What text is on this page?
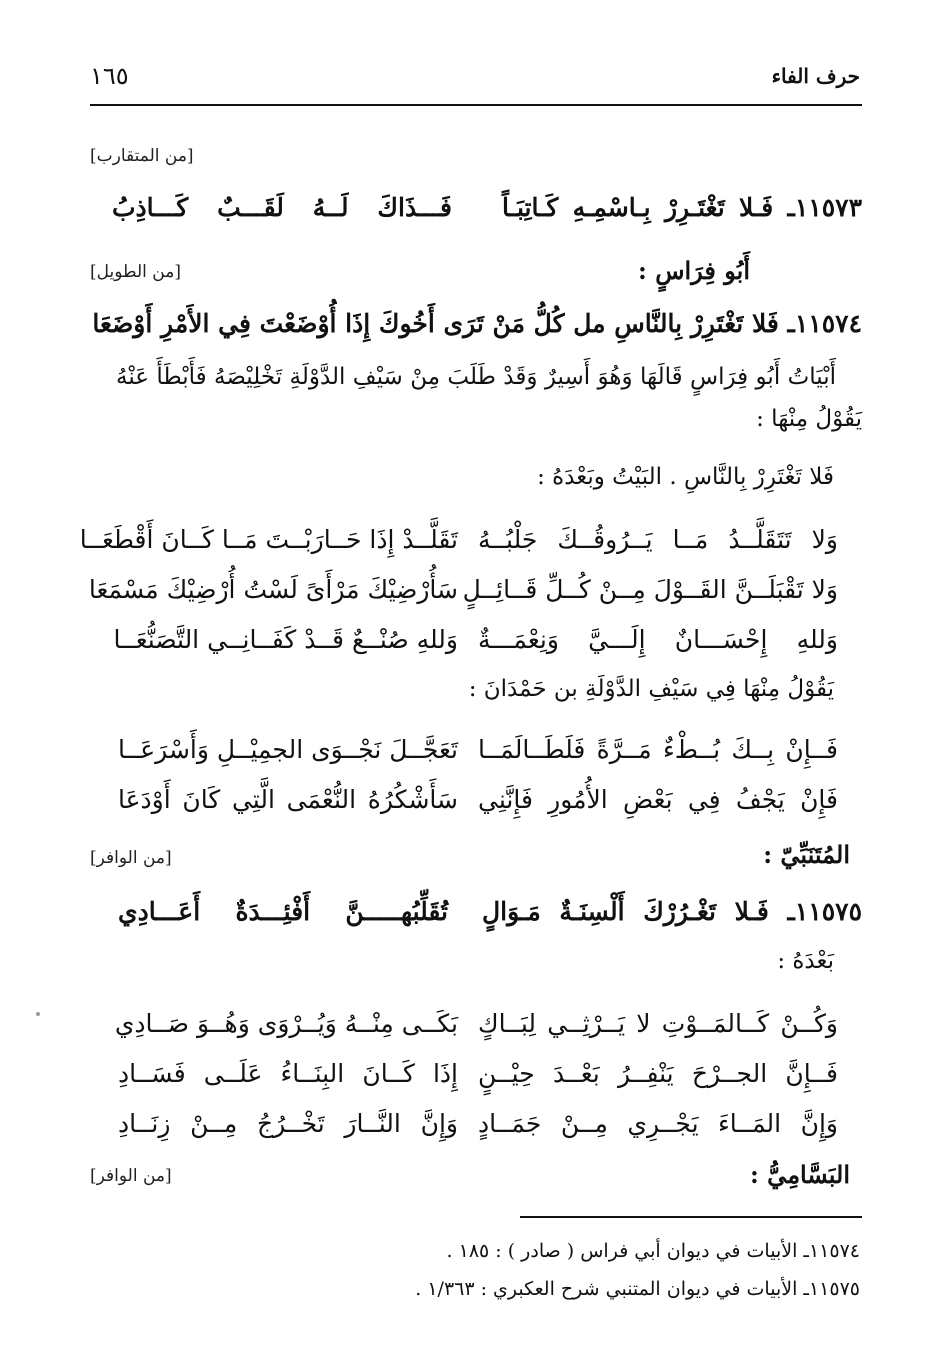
حرف الفاء
١٦٥
[من المتقارب]
١١٥٧٣ـ فَـلا تَغْتَـرِرْ بِـاسْمِـهِ كَـاتِبَـاً
فَـــذَاكَ لَــهُ لَقَـــبٌ كَـــاذِبُ
أَبُو فِرَاسٍ :
[من الطويل]
١١٥٧٤ـ فَلا تَغْتَرِرْ بِالنَّاسِ مل كُلُّ مَنْ تَرَى أَخُوكَ إِذَا أُوْضَعْتَ فِي الأَمْرِ أَوْضَعَا
أَبْيَاتُ أَبُو فِرَاسٍ قَالَهَا وَهُوَ أَسِيرٌ وَقَدْ طَلَبَ مِنْ سَيْفِ الدَّوْلَةِ تَخْلِيْصَهُ فَأَبْطَأَ عَنْهُ يَقُوْلُ مِنْهَا :
فَلا تَغْتَرِرْ بِالنَّاسِ . البَيْتُ وبَعْدَهُ :
وَلا تَتَقَلَّــدُ مَــا يَــرُوقُــكَ جَلْبُــهُ
تَقَلَّــدْ إِذَا حَــارَبْــتَ مَــا كَــانَ أَقْطَعَــا
وَلا تَقْبَلَــنَّ القَــوْلَ مِــنْ كُــلِّ قَــائِــلٍ
سَأُرْضِيْكَ مَرْأَىً لَسْتُ أُرْضِيْكَ مَسْمَعَا
وَللهِ إِحْسَـــانٌ إِلَـــيَّ وَنِعْمَـــةٌ
وَللهِ صُنْــعٌ قَــدْ كَفَــانِــي التَّصَنُّعَــا
يَقُوْلُ مِنْهَا فِي سَيْفِ الدَّوْلَةِ بن حَمْدَانَ :
فَــإِنْ بِــكَ بُــطْءٌ مَــرَّةً فَلَطَــالَمَــا
تَعَجَّــلَ نَجْــوَى الجمِيْــلِ وَأَسْرَعَــا
فَإِنْ يَجْفُ فِي بَعْضِ الأُمُورِ فَإِنَّنِي
سَأَشْكُرُهُ النُّعْمَى الَّتِي كَانَ أَوْدَعَا
المُتَنَبِّيّ :
[من الوافر]
١١٥٧٥ـ فَـلا تَغْـرُرْكَ أَلْسِنَـةٌ مَـوَالٍ
تُقَلِّبُهـــــنَّ أَفْئِـــدَةٌ أَعَـــادِي
بَعْدَهُ :
وَكُــنْ كَــالمَــوْتِ لا يَــرْثِــي لِبَــاكٍ
بَكَــى مِنْــهُ وَيُــرْوَى وَهُــوَ صَــادِي
فَــإِنَّ الجــرْحَ يَنْفِــرُ بَعْــدَ حِيْــنٍ
إِذَا كَــانَ البِنَــاءُ عَلَــى فَسَــادِ
وَإِنَّ المَــاءَ يَجْــرِي مِــنْ جَمَــادٍ
وَإِنَّ النَّــارَ تَخْــرُجُ مِــنْ زِنَــادِ
البَسَّامِيُّ :
[من الوافر]
١١٥٧٤ـ الأبيات في ديوان أبي فراس ( صادر ) : ١٨٥ .
١١٥٧٥ـ الأبيات في ديوان المتنبي شرح العكبري : ١/٣٦٣ .
